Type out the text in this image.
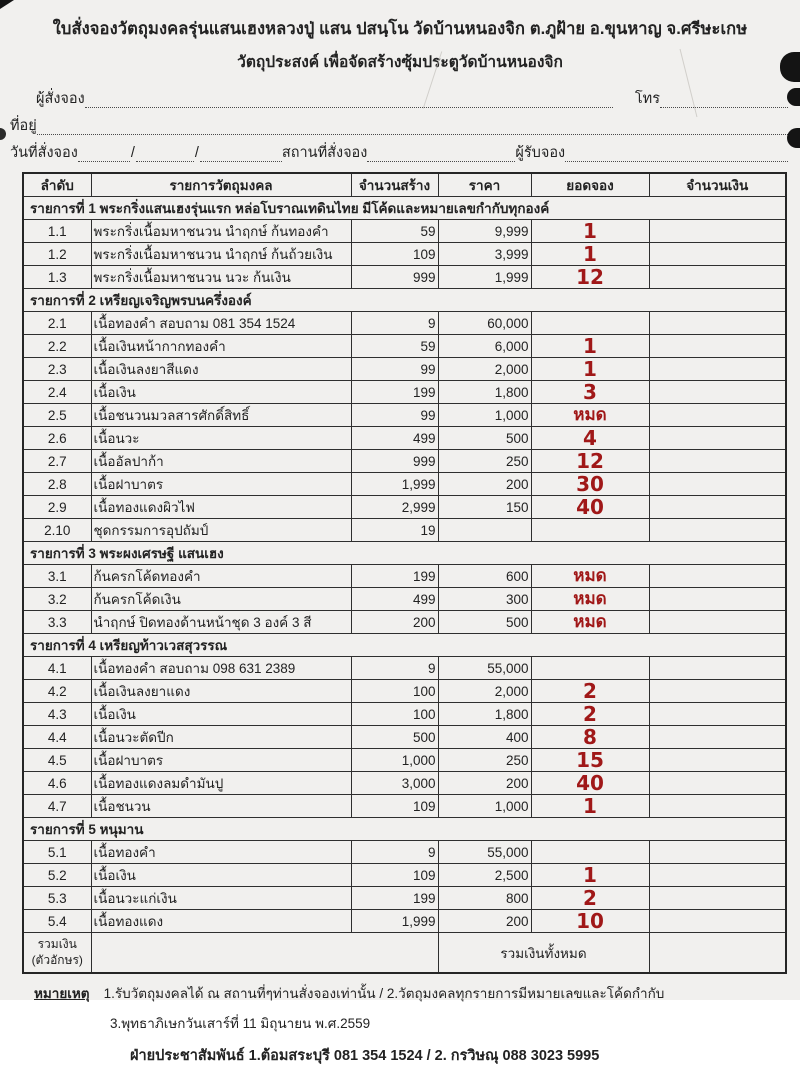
ใบสั่งจองวัตถุมงคลรุ่นแสนเฮงหลวงปู่ แสน ปสนฺโน วัดบ้านหนองจิก ต.ภูฝ้าย อ.ขุนหาญ จ.ศรีษะเกษ
วัตถุประสงค์ เพื่อจัดสร้างซุ้มประตูวัดบ้านหนองจิก
ผู้สั่งจอง	โทร
ที่อยู่
วันที่สั่งจอง	/	/	สถานที่สั่งจอง	ผู้รับจอง
ลำดับ	รายการวัตถุมงคล	จำนวนสร้าง	ราคา	ยอดจอง	จำนวนเงิน
รายการที่ 1 พระกริ่งแสนเฮงรุ่นแรก หล่อโบราณเทดินไทย มีโค้ดและหมายเลขกำกับทุกองค์					
1.1	พระกริ่งเนื้อมหาชนวน นำฤกษ์ ก้นทองคำ	59	9,999	1	
1.2	พระกริ่งเนื้อมหาชนวน นำฤกษ์ ก้นถ้วยเงิน	109	3,999	1	
1.3	พระกริ่งเนื้อมหาชนวน นวะ ก้นเงิน	999	1,999	12	
รายการที่ 2 เหรียญเจริญพรบนครึ่งองค์					
2.1	เนื้อทองคำ สอบถาม 081 354 1524	9	60,000		
2.2	เนื้อเงินหน้ากากทองคำ	59	6,000	1	
2.3	เนื้อเงินลงยาสีแดง	99	2,000	1	
2.4	เนื้อเงิน	199	1,800	3	
2.5	เนื้อชนวนมวลสารศักดิ์สิทธิ์	99	1,000	หมด	
2.6	เนื้อนวะ	499	500	4	
2.7	เนื้ออัลปาก้า	999	250	12	
2.8	เนื้อฝาบาตร	1,999	200	30	
2.9	เนื้อทองแดงผิวไฟ	2,999	150	40	
2.10	ชุดกรรมการอุปถัมป์	19			
รายการที่ 3 พระผงเศรษฐี แสนเฮง					
3.1	ก้นครกโค้ดทองคำ	199	600	หมด	
3.2	ก้นครกโค้ดเงิน	499	300	หมด	
3.3	นำฤกษ์ ปิดทองด้านหน้าชุด 3 องค์ 3 สี	200	500	หมด	
รายการที่ 4 เหรียญท้าวเวสสุวรรณ					
4.1	เนื้อทองคำ สอบถาม 098 631 2389	9	55,000		
4.2	เนื้อเงินลงยาแดง	100	2,000	2	
4.3	เนื้อเงิน	100	1,800	2	
4.4	เนื้อนวะตัดปีก	500	400	8	
4.5	เนื้อฝาบาตร	1,000	250	15	
4.6	เนื้อทองแดงลมดำมันปู	3,000	200	40	
4.7	เนื้อชนวน	109	1,000	1	
รายการที่ 5 หนุมาน					
5.1	เนื้อทองคำ	9	55,000		
5.2	เนื้อเงิน	109	2,500	1	
5.3	เนื้อนวะแก่เงิน	199	800	2	
5.4	เนื้อทองแดง	1,999	200	10	
รวมเงิน
(ตัวอักษร)			รวมเงินทั้งหมด		
หมายเหตุ 1.รับวัตถุมงคลได้ ณ สถานที่ๆท่านสั่งจองเท่านั้น / 2.วัตถุมงคลทุกรายการมีหมายเลขและโค้ดกำกับ
3.พุทธาภิเษกวันเสาร์ที่ 11 มิถุนายน พ.ศ.2559
ฝ่ายประชาสัมพันธ์ 1.ต้อมสระบุรี 081 354 1524 / 2. กรวิษณุ 088 3023 5995
